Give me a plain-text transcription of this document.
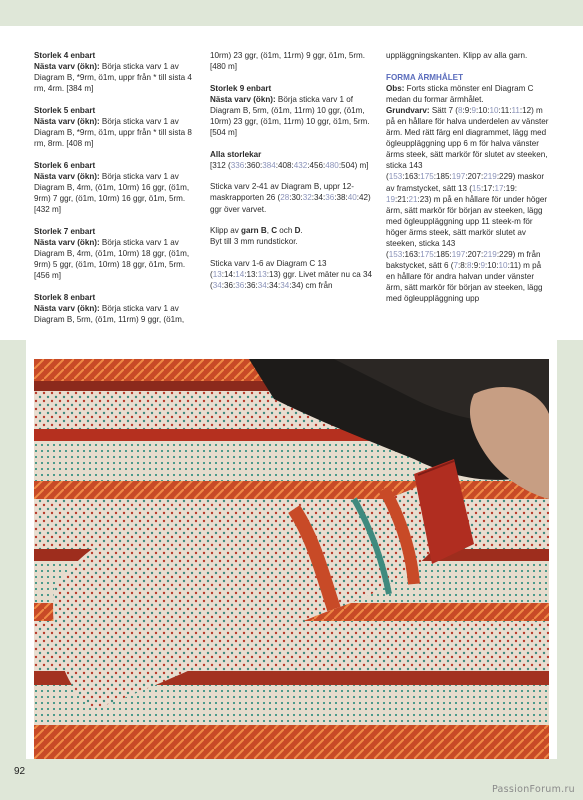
Storlek 4 enbart
Nästa varv (ökn): Börja sticka varv 1 av Diagram B, *9rm, ö1m, uppr från * till sista 4 rm, 4rm. [384 m]
Storlek 5 enbart
Nästa varv (ökn): Börja sticka varv 1 av Diagram B, *9rm, ö1m, uppr från * till sista 8 rm, 8rm. [408 m]
Storlek 6 enbart
Nästa varv (ökn): Börja sticka varv 1 av Diagram B, 4rm, (ö1m, 10rm) 16 ggr, (ö1m, 9rm) 7 ggr, (ö1m, 10rm) 16 ggr, ö1m, 5rm. [432 m]
Storlek 7 enbart
Nästa varv (ökn): Börja sticka varv 1 av Diagram B, 4rm, (ö1m, 10rm) 18 ggr, (ö1m, 9rm) 5 ggr, (ö1m, 10rm) 18 ggr, ö1m, 5rm. [456 m]
Storlek 8 enbart
Nästa varv (ökn): Börja sticka varv 1 av Diagram B, 5rm, (ö1m, 11rm) 9 ggr, (ö1m,
10rm) 23 ggr, (ö1m, 11rm) 9 ggr, ö1m, 5rm. [480 m]
Storlek 9 enbart
Nästa varv (ökn): Börja sticka varv 1 of Diagram B, 5rm, (ö1m, 11rm) 10 ggr, (ö1m, 10rm) 23 ggr, (ö1m, 11rm) 10 ggr, ö1m, 5rm. [504 m]
Alla storlekar
[312 (336:360:384:408:432:456:480:504) m]
Sticka varv 2-41 av Diagram B, uppr 12-maskrapporten 26 (28:30:32:34:36:38:40:42) ggr över varvet.
Klipp av garn B, C och D.
Byt till 3 mm rundstickor.
Sticka varv 1-6 av Diagram C 13 (13:14:14:13:13:13) ggr. Livet mäter nu ca 34 (34:36:36:36:34:34:34:34) cm från
uppläggningskanten. Klipp av alla garn.
FORMA ÄRMHÅLET
Obs: Forts sticka mönster enl Diagram C medan du formar ärmhålet.
Grundvarv: Sätt 7 (8:9:9:10:10:11:11:12) m på en hållare för halva underdelen av vänster ärm. Med rätt färg enl diagrammet, lägg med ögleuppläggning upp 6 m för halva vänster ärms steek, sätt markör för slutet av steeken, sticka 143 (153:163:175:185:197:207:219:229) maskor av framstycket, sätt 13 (15:17:17:19: 19:21:21:23) m på en hållare för under höger ärm, sätt markör för början av steeken, lägg med ögleuppläggning upp 11 steek-m för höger ärms steek, sätt markör slutet av steeken, sticka 143 (153:163:175:185:197:207:219:229) m från bakstycket, sätt 6 (7:8:8:9:9:10:10:11) m på en hållare för andra halvan under vänster ärm, sätt markör för början av steeken, lägg med ögleuppläggning upp
92
PassionForum.ru
